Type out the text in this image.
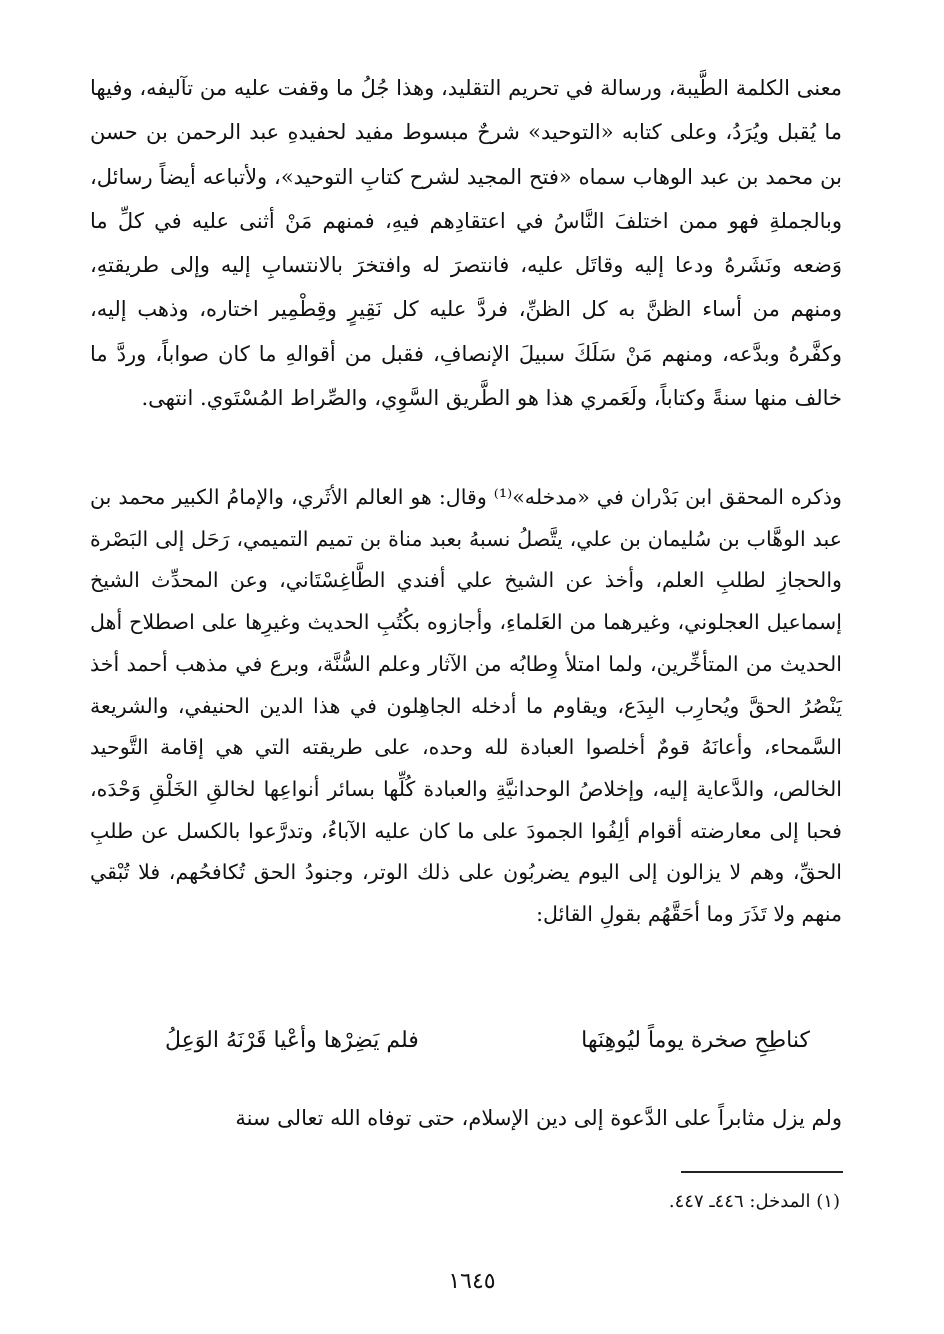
معنى الكلمة الطَّيبة، ورسالة في تحريم التقليد، وهذا جُلُ ما وقفت عليه من تآليفه، وفيها ما يُقبل ويُرَدُ، وعلى كتابه «التوحيد» شرحٌ مبسوط مفيد لحفيدهِ عبد الرحمن بن حسن بن محمد بن عبد الوهاب سماه «فتح المجيد لشرح كتابِ التوحيد»، ولأتباعه أيضاً رسائل، وبالجملةِ فهو ممن اختلفَ النَّاسُ في اعتقادِهم فيهِ، فمنهم مَنْ أثنى عليه في كلِّ ما وَضعه ونَشَرهُ ودعا إليه وقاتَل عليه، فانتصرَ له وافتخرَ بالانتسابِ إليه وإلى طريقتهِ، ومنهم من أساء الظنَّ به كل الظنِّ، فردَّ عليه كل نَقِيرٍ وقِطْمِير اختاره، وذهب إليه، وكفَّرهُ وبدَّعه، ومنهم مَنْ سَلَكَ سبيلَ الإنصافِ، فقبل من أقوالهِ ما كان صواباً، وردَّ ما خالف منها سنةً وكتاباً، ولَعَمري هذا هو الطَّريق السَّوِي، والصِّراط المُسْتَوي. انتهى.

وذكره المحقق ابن بَدْران في «مدخله»⁽¹⁾ وقال: هو العالم الأثَري، والإمامُ الكبير محمد بن عبد الوهَّاب بن سُليمان بن علي، يتَّصلُ نسبهُ بعبد مناة بن تميم التميمي، رَحَل إلى البَصْرة والحجازِ لطلبِ العلم، وأخذ عن الشيخ علي أفندي الطَّاغِسْتَاني، وعن المحدِّث الشيخ إسماعيل العجلوني، وغيرهما من العَلماءِ، وأجازوه بكُتُبِ الحديث وغيرِها على اصطلاح أهل الحديث من المتأخِّرين، ولما امتلأ وِطابُه من الآثار وعلم السُّنَّة، وبرع في مذهب أحمد أخذ يَنْصُرُ الحقَّ ويُحارِب البِدَع، ويقاوم ما أدخله الجاهِلون في هذا الدين الحنيفي، والشريعة السَّمحاء، وأعانَهُ قومٌ أخلصوا العبادة لله وحده، على طريقته التي هي إقامة التَّوحيد الخالص، والدَّعاية إليه، وإخلاصُ الوحدانيَّةِ والعبادة كُلِّها بسائر أنواعِها لخالقِ الخَلْقِ وَحْدَه، فحبا إلى معارضته أقوام ألِفُوا الجمودَ على ما كان عليه الآباءُ، وتدرَّعوا بالكسل عن طلبِ الحقِّ، وهم لا يزالون إلى اليوم يضربُون على ذلك الوتر، وجنودُ الحق تُكافحُهم، فلا تُبْقي منهم ولا تَذَرَ وما أحَقَّهُم بقولِ القائل:

كناطِحِ صخرة يوماً ليُوهِنَها
فلم يَضِرْها وأعْيا قَرْنَهُ الوَعِلُ

ولم يزل مثابراً على الدَّعوة إلى دين الإسلام، حتى توفاه الله تعالى سنة

(١) المدخل: ٤٤٦ـ ٤٤٧.
١٦٤٥
